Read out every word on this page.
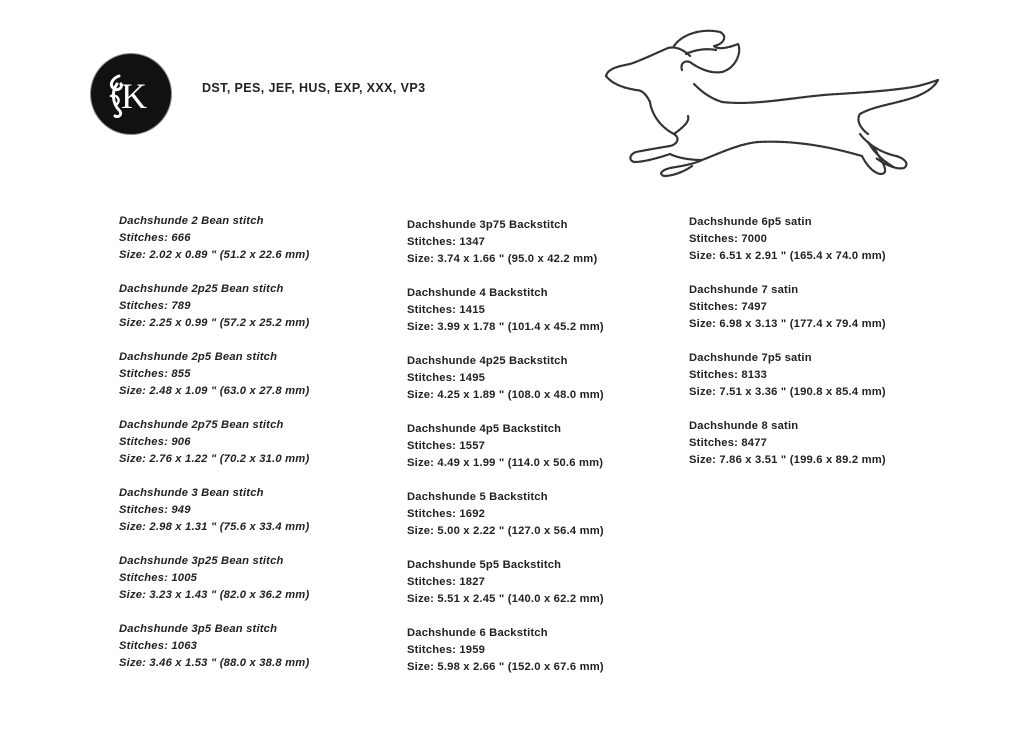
K	DST, PES, JEF, HUS, EXP, XXX, VP3
Dachshunde 2 Bean stitch
Stitches: 666
Size: 2.02 x 0.89 " (51.2 x 22.6 mm)
Dachshunde 2p25 Bean stitch
Stitches: 789
Size: 2.25 x 0.99 " (57.2 x 25.2 mm)
Dachshunde 2p5 Bean stitch
Stitches: 855
Size: 2.48 x 1.09 " (63.0 x 27.8 mm)
Dachshunde 2p75 Bean stitch
Stitches: 906
Size: 2.76 x 1.22 " (70.2 x 31.0 mm)
Dachshunde 3 Bean stitch
Stitches: 949
Size: 2.98 x 1.31 " (75.6 x 33.4 mm)
Dachshunde 3p25 Bean stitch
Stitches: 1005
Size: 3.23 x 1.43 " (82.0 x 36.2 mm)
Dachshunde 3p5 Bean stitch
Stitches: 1063
Size: 3.46 x 1.53 " (88.0 x 38.8 mm)
Dachshunde 3p75 Backstitch
Stitches: 1347
Size: 3.74 x 1.66 " (95.0 x 42.2 mm)
Dachshunde 4 Backstitch
Stitches: 1415
Size: 3.99 x 1.78 " (101.4 x 45.2 mm)
Dachshunde 4p25 Backstitch
Stitches: 1495
Size: 4.25 x 1.89 " (108.0 x 48.0 mm)
Dachshunde 4p5 Backstitch
Stitches: 1557
Size: 4.49 x 1.99 " (114.0 x 50.6 mm)
Dachshunde 5 Backstitch
Stitches: 1692
Size: 5.00 x 2.22 " (127.0 x 56.4 mm)
Dachshunde 5p5 Backstitch
Stitches: 1827
Size: 5.51 x 2.45 " (140.0 x 62.2 mm)
Dachshunde 6 Backstitch
Stitches: 1959
Size: 5.98 x 2.66 " (152.0 x 67.6 mm)
Dachshunde 6p5 satin
Stitches: 7000
Size: 6.51 x 2.91 " (165.4 x 74.0 mm)
Dachshunde 7 satin
Stitches: 7497
Size: 6.98 x 3.13 " (177.4 x 79.4 mm)
Dachshunde 7p5 satin
Stitches: 8133
Size: 7.51 x 3.36 " (190.8 x 85.4 mm)
Dachshunde 8 satin
Stitches: 8477
Size: 7.86 x 3.51 " (199.6 x 89.2 mm)
